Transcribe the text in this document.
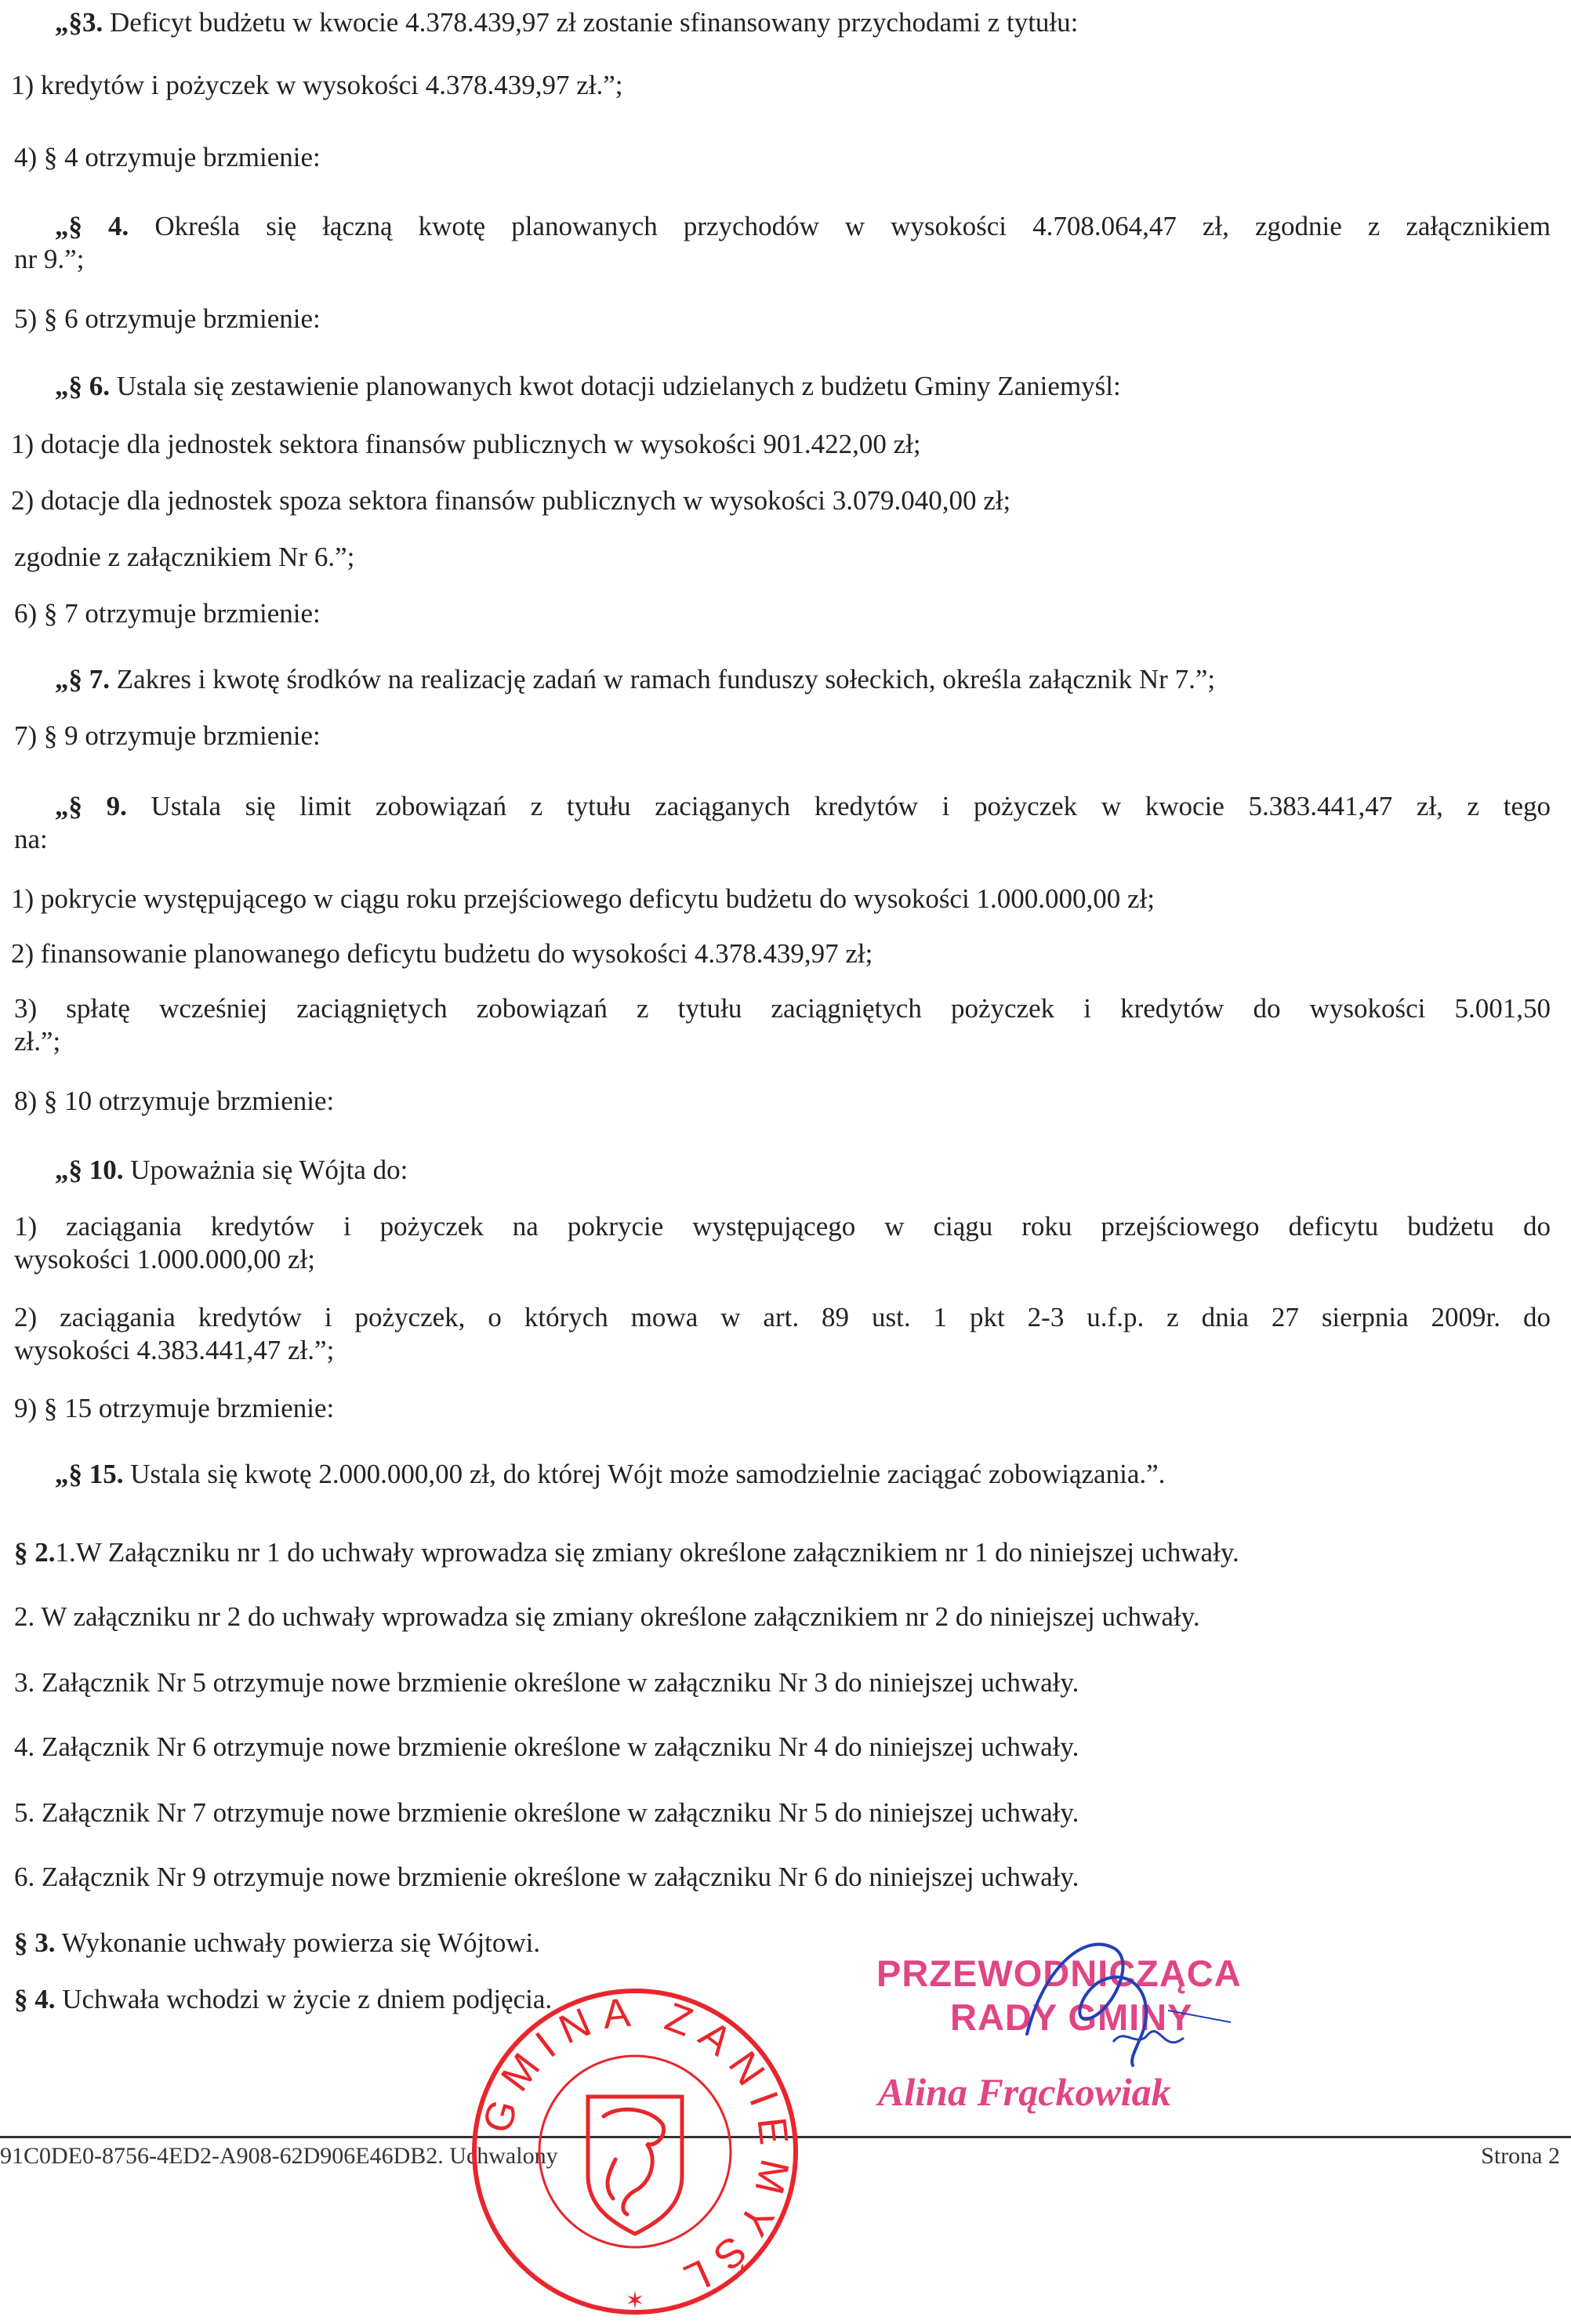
„§3. Deficyt budżetu w kwocie 4.378.439,97 zł zostanie sfinansowany przychodami z tytułu:
1) kredytów i pożyczek w wysokości 4.378.439,97 zł.”;
4) § 4 otrzymuje brzmienie:
„§ 4. Określa się łączną kwotę planowanych przychodów w wysokości 4.708.064,47 zł, zgodnie z załącznikiem
nr 9.”;
5) § 6 otrzymuje brzmienie:
„§ 6. Ustala się zestawienie planowanych kwot dotacji udzielanych z budżetu Gminy Zaniemyśl:
1) dotacje dla jednostek sektora finansów publicznych w wysokości 901.422,00 zł;
2) dotacje dla jednostek spoza sektora finansów publicznych w wysokości 3.079.040,00 zł;
zgodnie z załącznikiem Nr 6.”;
6) § 7 otrzymuje brzmienie:
„§ 7. Zakres i kwotę środków na realizację zadań w ramach funduszy sołeckich, określa załącznik Nr 7.”;
7) § 9 otrzymuje brzmienie:
„§ 9. Ustala się limit zobowiązań z tytułu zaciąganych kredytów i pożyczek w kwocie 5.383.441,47 zł, z tego
na:
1) pokrycie występującego w ciągu roku przejściowego deficytu budżetu do wysokości 1.000.000,00 zł;
2) finansowanie planowanego deficytu budżetu do wysokości 4.378.439,97 zł;
3) spłatę wcześniej zaciągniętych zobowiązań z tytułu zaciągniętych pożyczek i kredytów do wysokości 5.001,50
zł.”;
8) § 10 otrzymuje brzmienie:
„§ 10. Upoważnia się Wójta do:
1) zaciągania kredytów i pożyczek na pokrycie występującego w ciągu roku przejściowego deficytu budżetu do
wysokości 1.000.000,00 zł;
2) zaciągania kredytów i pożyczek, o których mowa w art. 89 ust. 1 pkt 2-3 u.f.p. z dnia 27 sierpnia 2009r. do
wysokości 4.383.441,47 zł.”;
9) § 15 otrzymuje brzmienie:
„§ 15. Ustala się kwotę 2.000.000,00 zł, do której Wójt może samodzielnie zaciągać zobowiązania.”.
§ 2.1.W Załączniku nr 1 do uchwały wprowadza się zmiany określone załącznikiem nr 1 do niniejszej uchwały.
2. W załączniku nr 2 do uchwały wprowadza się zmiany określone załącznikiem nr 2 do niniejszej uchwały.
3. Załącznik Nr 5 otrzymuje nowe brzmienie określone w załączniku Nr 3 do niniejszej uchwały.
4. Załącznik Nr 6 otrzymuje nowe brzmienie określone w załączniku Nr 4 do niniejszej uchwały.
5. Załącznik Nr 7 otrzymuje nowe brzmienie określone w załączniku Nr 5 do niniejszej uchwały.
6. Załącznik Nr 9 otrzymuje nowe brzmienie określone w załączniku Nr 6 do niniejszej uchwały.
§ 3. Wykonanie uchwały powierza się Wójtowi.
§ 4. Uchwała wchodzi w życie z dniem podjęcia.
91C0DE0-8756-4ED2-A908-62D906E46DB2. Uchwalony	Strona 2
PRZEWODNICZĄCA
RADY GMINY
Alina Frąckowiak
GMINA ZANIEMYŚL
✶
